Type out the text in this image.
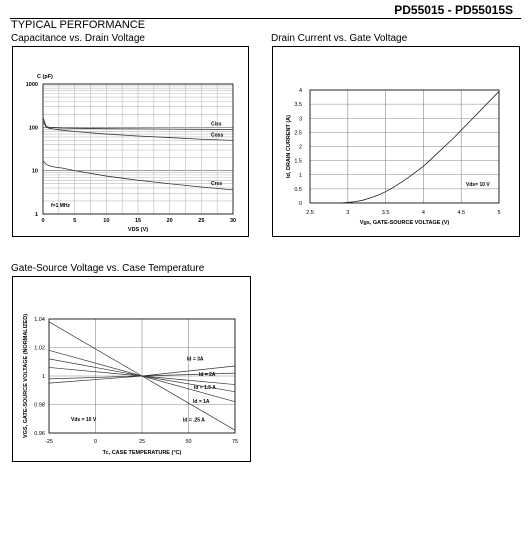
PD55015 - PD55015S
TYPICAL PERFORMANCE
Capacitance vs. Drain Voltage
1
10
100
1000
0	5	10	15	20	25	30
C (pF)
VDS (V)
f=1 MHz
Ciss
Coss
Crss
Drain Current vs. Gate Voltage
0
0.5
1
1.5
2
2.5
3
3.5
4
2.5	3	3.5	4	4.5	5
Vgs, GATE-SOURCE VOLTAGE (V)
Id, DRAIN CURRENT (A)
Vds= 10 V
Gate-Source Voltage vs. Case Temperature
0.96
0.98
1
1.02
1.04
-25	0	25	50	75
Tc, CASE TEMPERATURE (°C)
VGS, GATE-SOURCE VOLTAGE (NORMALIZED)	Vds = 10 V
Id = 3A
Id = 2A
Id = 1.5 A
Id = 1A
Id = .25 A
